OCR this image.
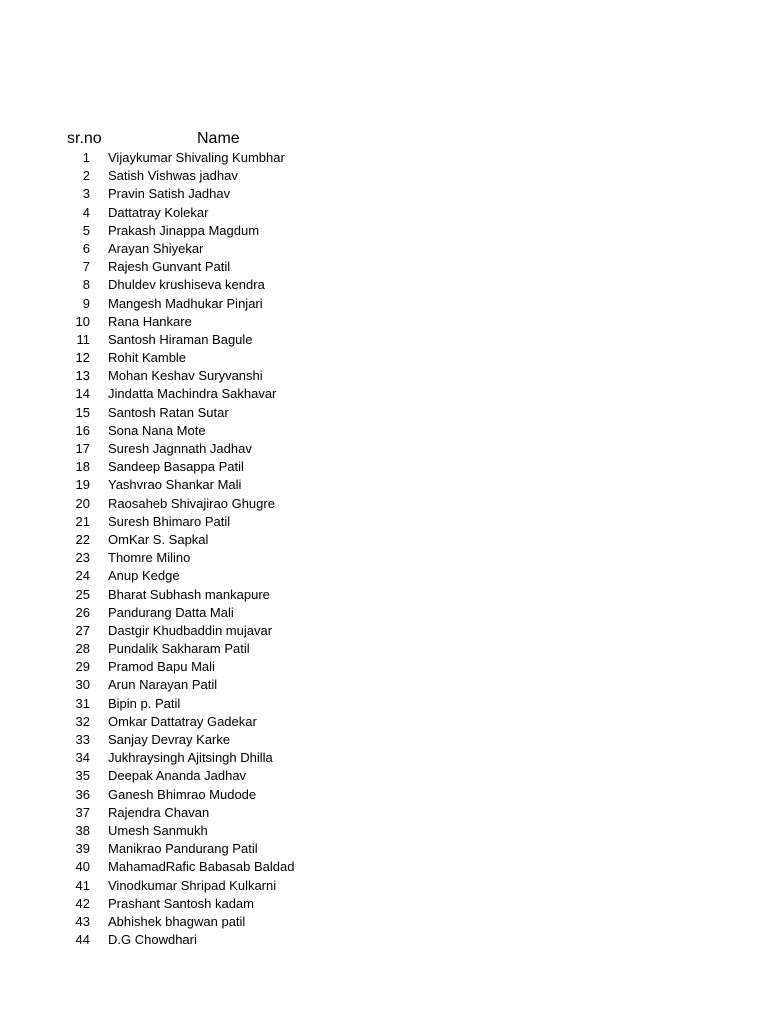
sr.no	Name
1 Vijaykumar Shivaling Kumbhar
2 Satish Vishwas jadhav
3 Pravin Satish Jadhav
4 Dattatray Kolekar
5 Prakash Jinappa Magdum
6 Arayan Shiyekar
7 Rajesh Gunvant Patil
8 Dhuldev krushiseva kendra
9 Mangesh Madhukar Pinjari
10 Rana Hankare
11 Santosh Hiraman Bagule
12 Rohit Kamble
13 Mohan Keshav Suryvanshi
14 Jindatta Machindra Sakhavar
15 Santosh Ratan Sutar
16 Sona Nana Mote
17 Suresh Jagnnath Jadhav
18 Sandeep Basappa Patil
19 Yashvrao Shankar Mali
20 Raosaheb Shivajirao Ghugre
21 Suresh Bhimaro Patil
22 OmKar S. Sapkal
23 Thomre Milino
24 Anup Kedge
25 Bharat Subhash mankapure
26 Pandurang Datta Mali
27 Dastgir Khudbaddin mujavar
28 Pundalik Sakharam Patil
29 Pramod Bapu Mali
30 Arun Narayan Patil
31 Bipin p. Patil
32 Omkar Dattatray Gadekar
33 Sanjay Devray Karke
34 Jukhraysingh Ajitsingh Dhilla
35 Deepak Ananda Jadhav
36 Ganesh Bhimrao Mudode
37 Rajendra Chavan
38 Umesh Sanmukh
39 Manikrao Pandurang Patil
40 MahamadRafic Babasab Baldad
41 Vinodkumar Shripad Kulkarni
42 Prashant Santosh kadam
43 Abhishek bhagwan patil
44 D.G Chowdhari
